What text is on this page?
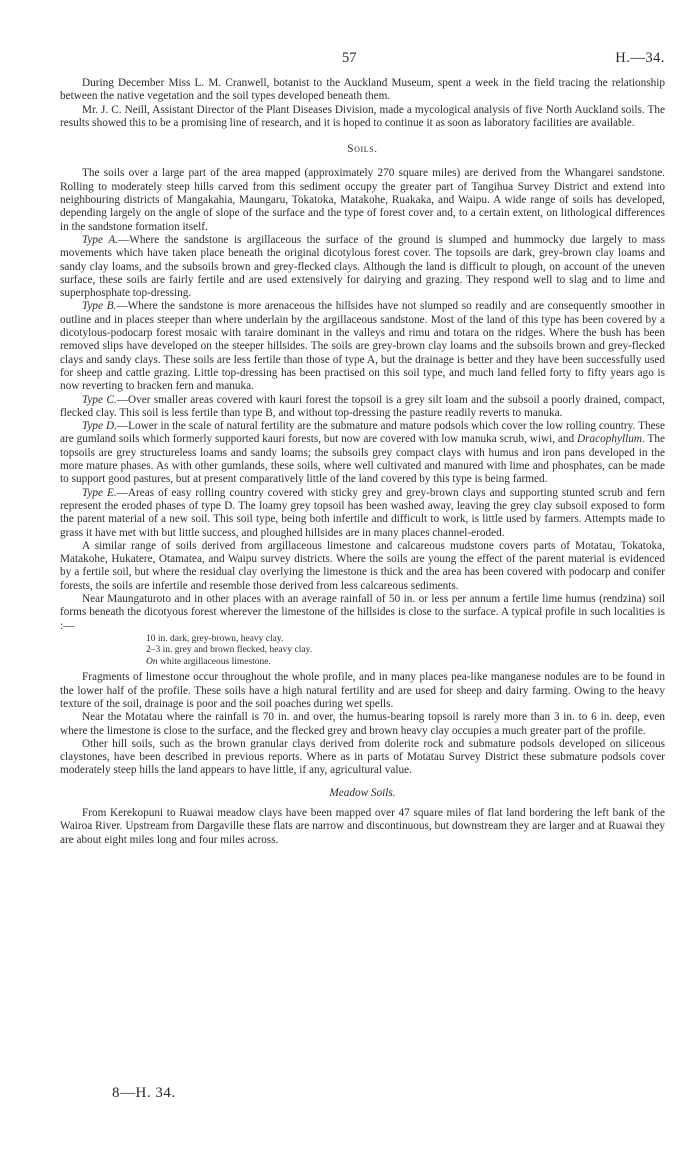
57	H.—34.

During December Miss L. M. Cranwell, botanist to the Auckland Museum, spent a week in the field tracing the relationship between the native vegetation and the soil types developed beneath them.

Mr. J. C. Neill, Assistant Director of the Plant Diseases Division, made a mycological analysis of five North Auckland soils. The results showed this to be a promising line of research, and it is hoped to continue it as soon as laboratory facilities are available.

Soils.

The soils over a large part of the area mapped (approximately 270 square miles) are derived from the Whangarei sandstone. Rolling to moderately steep hills carved from this sediment occupy the greater part of Tangihua Survey District and extend into neighbouring districts of Mangakahia, Maungaru, Tokatoka, Matakohe, Ruakaka, and Waipu. A wide range of soils has developed, depending largely on the angle of slope of the surface and the type of forest cover and, to a certain extent, on lithological differences in the sandstone formation itself.

Type A.—Where the sandstone is argillaceous the surface of the ground is slumped and hummocky due largely to mass movements which have taken place beneath the original dicotylous forest cover. The topsoils are dark, grey-brown clay loams and sandy clay loams, and the subsoils brown and grey-flecked clays. Although the land is difficult to plough, on account of the uneven surface, these soils are fairly fertile and are used extensively for dairying and grazing. They respond well to slag and to lime and superphosphate top-dressing.

Type B.—Where the sandstone is more arenaceous the hillsides have not slumped so readily and are consequently smoother in outline and in places steeper than where underlain by the argillaceous sandstone. Most of the land of this type has been covered by a dicotylous-podocarp forest mosaic with taraire dominant in the valleys and rimu and totara on the ridges. Where the bush has been removed slips have developed on the steeper hillsides. The soils are grey-brown clay loams and the subsoils brown and grey-flecked clays and sandy clays. These soils are less fertile than those of type A, but the drainage is better and they have been successfully used for sheep and cattle grazing. Little top-dressing has been practised on this soil type, and much land felled forty to fifty years ago is now reverting to bracken fern and manuka.

Type C.—Over smaller areas covered with kauri forest the topsoil is a grey silt loam and the subsoil a poorly drained, compact, flecked clay. This soil is less fertile than type B, and without top-dressing the pasture readily reverts to manuka.

Type D.—Lower in the scale of natural fertility are the submature and mature podsols which cover the low rolling country. These are gumland soils which formerly supported kauri forests, but now are covered with low manuka scrub, wiwi, and Dracophyllum. The topsoils are grey structureless loams and sandy loams; the subsoils grey compact clays with humus and iron pans developed in the more mature phases. As with other gumlands, these soils, where well cultivated and manured with lime and phosphates, can be made to support good pastures, but at present comparatively little of the land covered by this type is being farmed.

Type E.—Areas of easy rolling country covered with sticky grey and grey-brown clays and supporting stunted scrub and fern represent the eroded phases of type D. The loamy grey topsoil has been washed away, leaving the grey clay subsoil exposed to form the parent material of a new soil. This soil type, being both infertile and difficult to work, is little used by farmers. Attempts made to grass it have met with but little success, and ploughed hillsides are in many places channel-eroded.

A similar range of soils derived from argillaceous limestone and calcareous mudstone covers parts of Motatau, Tokatoka, Matakohe, Hukatere, Otamatea, and Waipu survey districts. Where the soils are young the effect of the parent material is evidenced by a fertile soil, but where the residual clay overlying the limestone is thick and the area has been covered with podocarp and conifer forests, the soils are infertile and resemble those derived from less calcareous sediments.

Near Maungaturoto and in other places with an average rainfall of 50 in. or less per annum a fertile lime humus (rendzina) soil forms beneath the dicotyous forest wherever the limestone of the hillsides is close to the surface. A typical profile in such localities is :—

10 in. dark, grey-brown, heavy clay.
2–3 in. grey and brown flecked, heavy clay.
On white argillaceous limestone.

Fragments of limestone occur throughout the whole profile, and in many places pea-like manganese nodules are to be found in the lower half of the profile. These soils have a high natural fertility and are used for sheep and dairy farming. Owing to the heavy texture of the soil, drainage is poor and the soil poaches during wet spells.

Near the Motatau where the rainfall is 70 in. and over, the humus-bearing topsoil is rarely more than 3 in. to 6 in. deep, even where the limestone is close to the surface, and the flecked grey and brown heavy clay occupies a much greater part of the profile.

Other hill soils, such as the brown granular clays derived from dolerite rock and submature podsols developed on siliceous claystones, have been described in previous reports. Where as in parts of Motatau Survey District these submature podsols cover moderately steep hills the land appears to have little, if any, agricultural value.

Meadow Soils.

From Kerekopuni to Ruawai meadow clays have been mapped over 47 square miles of flat land bordering the left bank of the Wairoa River. Upstream from Dargaville these flats are narrow and discontinuous, but downstream they are larger and at Ruawai they are about eight miles long and four miles across.

8—H. 34.
